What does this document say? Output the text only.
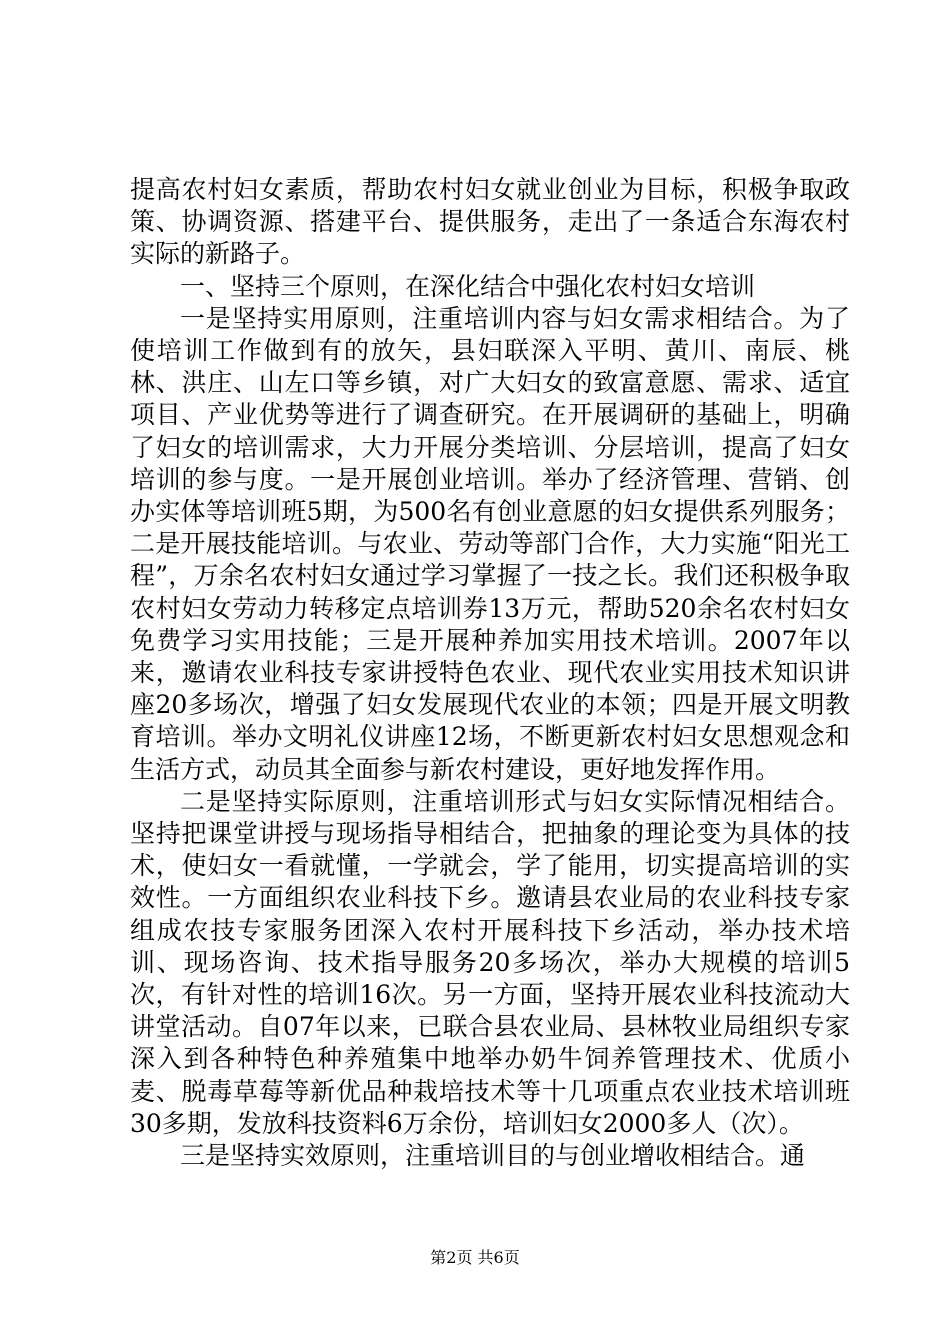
提高农村妇女素质，帮助农村妇女就业创业为目标，积极争取政策、协调资源、搭建平台、提供服务，走出了一条适合东海农村实际的新路子。

一、坚持三个原则，在深化结合中强化农村妇女培训

一是坚持实用原则，注重培训内容与妇女需求相结合。为了使培训工作做到有的放矢，县妇联深入平明、黄川、南辰、桃林、洪庄、山左口等乡镇，对广大妇女的致富意愿、需求、适宜项目、产业优势等进行了调查研究。在开展调研的基础上，明确了妇女的培训需求，大力开展分类培训、分层培训，提高了妇女培训的参与度。一是开展创业培训。举办了经济管理、营销、创办实体等培训班5期，为500名有创业意愿的妇女提供系列服务；二是开展技能培训。与农业、劳动等部门合作，大力实施“阳光工程”，万余名农村妇女通过学习掌握了一技之长。我们还积极争取农村妇女劳动力转移定点培训券13万元，帮助520余名农村妇女免费学习实用技能；三是开展种养加实用技术培训。2007年以来，邀请农业科技专家讲授特色农业、现代农业实用技术知识讲座20多场次，增强了妇女发展现代农业的本领；四是开展文明教育培训。举办文明礼仪讲座12场，不断更新农村妇女思想观念和生活方式，动员其全面参与新农村建设，更好地发挥作用。

二是坚持实际原则，注重培训形式与妇女实际情况相结合。坚持把课堂讲授与现场指导相结合，把抽象的理论变为具体的技术，使妇女一看就懂，一学就会，学了能用，切实提高培训的实效性。一方面组织农业科技下乡。邀请县农业局的农业科技专家组成农技专家服务团深入农村开展科技下乡活动，举办技术培训、现场咨询、技术指导服务20多场次，举办大规模的培训5次，有针对性的培训16次。另一方面，坚持开展农业科技流动大讲堂活动。自07年以来，已联合县农业局、县林牧业局组织专家深入到各种特色种养殖集中地举办奶牛饲养管理技术、优质小麦、脱毒草莓等新优品种栽培技术等十几项重点农业技术培训班30多期，发放科技资料6万余份，培训妇女2000多人（次）。

三是坚持实效原则，注重培训目的与创业增收相结合。通

第2页 共6页
